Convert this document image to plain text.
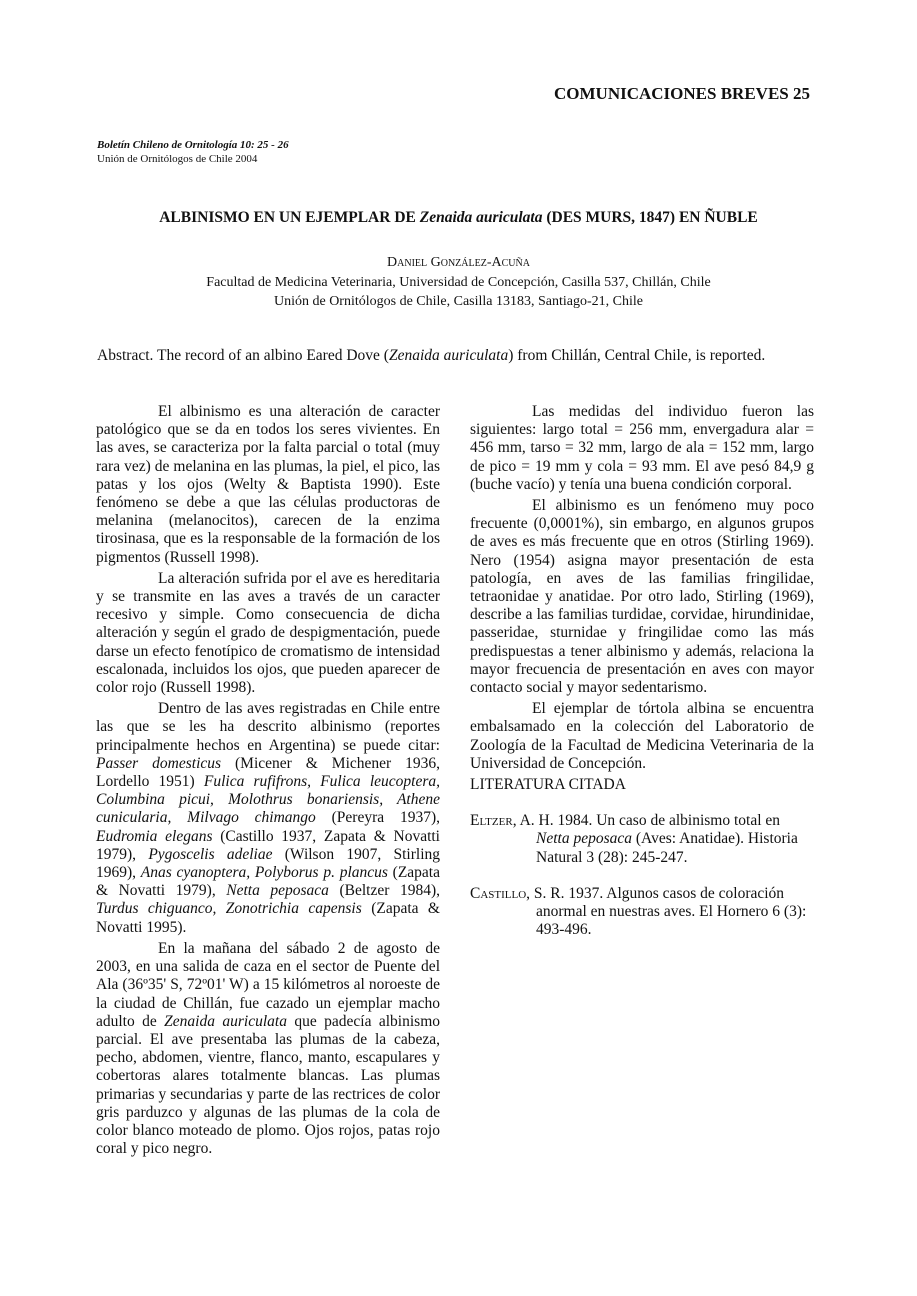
COMUNICACIONES BREVES 25
Boletín Chileno de Ornitología 10: 25 - 26
Unión de Ornitólogos de Chile 2004
ALBINISMO EN UN EJEMPLAR DE Zenaida auriculata (DES MURS, 1847) EN ÑUBLE
Daniel González-Acuña
Facultad de Medicina Veterinaria, Universidad de Concepción, Casilla 537, Chillán, Chile
Unión de Ornitólogos de Chile, Casilla 13183, Santiago-21, Chile
Abstract. The record of an albino Eared Dove (Zenaida auriculata) from Chillán, Central Chile, is reported.

El albinismo es una alteración de caracter patológico que se da en todos los seres vivientes. En las aves, se caracteriza por la falta parcial o total (muy rara vez) de melanina en las plumas, la piel, el pico, las patas y los ojos (Welty & Baptista 1990). Este fenómeno se debe a que las células productoras de melanina (melanocitos), carecen de la enzima tirosinasa, que es la responsable de la formación de los pigmentos (Russell 1998).

La alteración sufrida por el ave es hereditaria y se transmite en las aves a través de un caracter recesivo y simple. Como consecuencia de dicha alteración y según el grado de despigmentación, puede darse un efecto fenotípico de cromatismo de intensidad escalonada, incluidos los ojos, que pueden aparecer de color rojo (Russell 1998).

Dentro de las aves registradas en Chile entre las que se les ha descrito albinismo (reportes principalmente hechos en Argentina) se puede citar: Passer domesticus (Micener & Michener 1936, Lordello 1951) Fulica rufifrons, Fulica leucoptera, Columbina picui, Molothrus bonariensis, Athene cunicularia, Milvago chimango (Pereyra 1937), Eudromia elegans (Castillo 1937, Zapata & Novatti 1979), Pygoscelis adeliae (Wilson 1907, Stirling 1969), Anas cyanoptera, Polyborus p. plancus (Zapata & Novatti 1979), Netta peposaca (Beltzer 1984), Turdus chiguanco, Zonotrichia capensis (Zapata & Novatti 1995).

En la mañana del sábado 2 de agosto de 2003, en una salida de caza en el sector de Puente del Ala (36º35' S, 72º01' W) a 15 kilómetros al noroeste de la ciudad de Chillán, fue cazado un ejemplar macho adulto de Zenaida auriculata que padecía albinismo parcial. El ave presentaba las plumas de la cabeza, pecho, abdomen, vientre, flanco, manto, escapulares y cobertoras alares totalmente blancas. Las plumas primarias y secundarias y parte de las rectrices de color gris parduzco y algunas de las plumas de la cola de color blanco moteado de plomo. Ojos rojos, patas rojo coral y pico negro.

Las medidas del individuo fueron las siguientes: largo total = 256 mm, envergadura alar = 456 mm, tarso = 32 mm, largo de ala = 152 mm, largo de pico = 19 mm y cola = 93 mm. El ave pesó 84,9 g (buche vacío) y tenía una buena condición corporal.

El albinismo es un fenómeno muy poco frecuente (0,0001%), sin embargo, en algunos grupos de aves es más frecuente que en otros (Stirling 1969). Nero (1954) asigna mayor presentación de esta patología, en aves de las familias fringilidae, tetraonidae y anatidae. Por otro lado, Stirling (1969), describe a las familias turdidae, corvidae, hirundinidae, passeridae, sturnidae y fringilidae como las más predispuestas a tener albinismo y además, relaciona la mayor frecuencia de presentación en aves con mayor contacto social y mayor sedentarismo.

El ejemplar de tórtola albina se encuentra embalsamado en la colección del Laboratorio de Zoología de la Facultad de Medicina Veterinaria de la Universidad de Concepción.

LITERATURA CITADA

Eltzer, A. H. 1984. Un caso de albinismo total en Netta peposaca (Aves: Anatidae). Historia Natural 3 (28): 245-247.

Castillo, S. R. 1937. Algunos casos de coloración anormal en nuestras aves. El Hornero 6 (3): 493-496.
